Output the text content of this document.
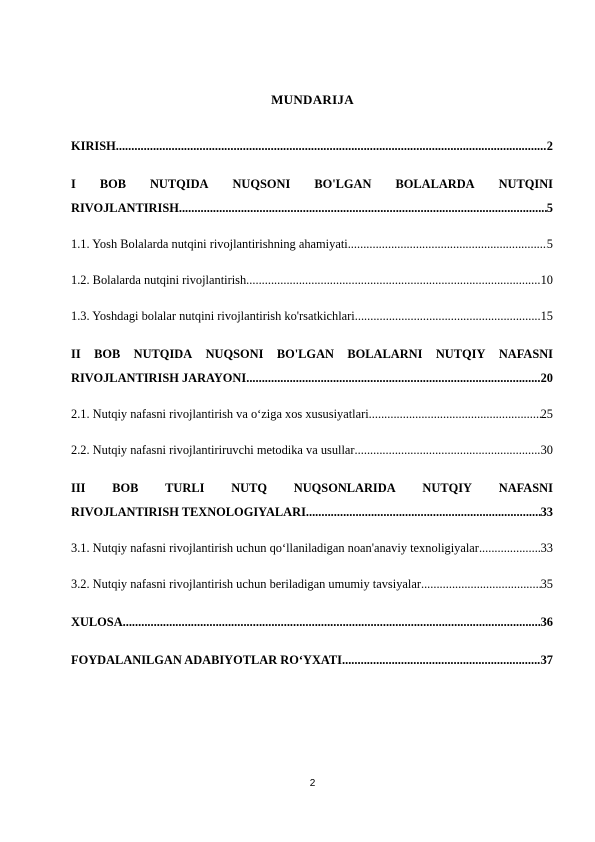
MUNDARIJA
KIRISH .....	2
I BOB NUTQIDA NUQSONI BO'LGAN BOLALARDA NUTQINI
RIVOJLANTIRISH .....	5
1.1. Yosh Bolalarda nutqini rivojlantirishning ahamiyati .....	5
1.2. Bolalarda nutqini rivojlantirish .....	10
1.3. Yoshdagi bolalar nutqini rivojlantirish ko'rsatkichlari .....	15
II BOB NUTQIDA NUQSONI BO'LGAN BOLALARNI NUTQIY NAFASNI
RIVOJLANTIRISH JARAYONI .....	20
2.1. Nutqiy nafasni rivojlantirish va o‘ziga xos xususiyatlari .....	25
2.2. Nutqiy nafasni rivojlantiriruvchi metodika va usullar .....	30
III BOB TURLI NUTQ NUQSONLARIDA NUTQIY NAFASNI
RIVOJLANTIRISH TEXNOLOGIYALARI .....	33
3.1. Nutqiy nafasni rivojlantirish uchun qo‘llaniladigan noan'anaviy texnoligiyalar .....	33
3.2. Nutqiy nafasni rivojlantirish uchun beriladigan umumiy tavsiyalar .....	35
XULOSA .....	36
FOYDALANILGAN ADABIYOTLAR RO‘YXATI .....	37
2
